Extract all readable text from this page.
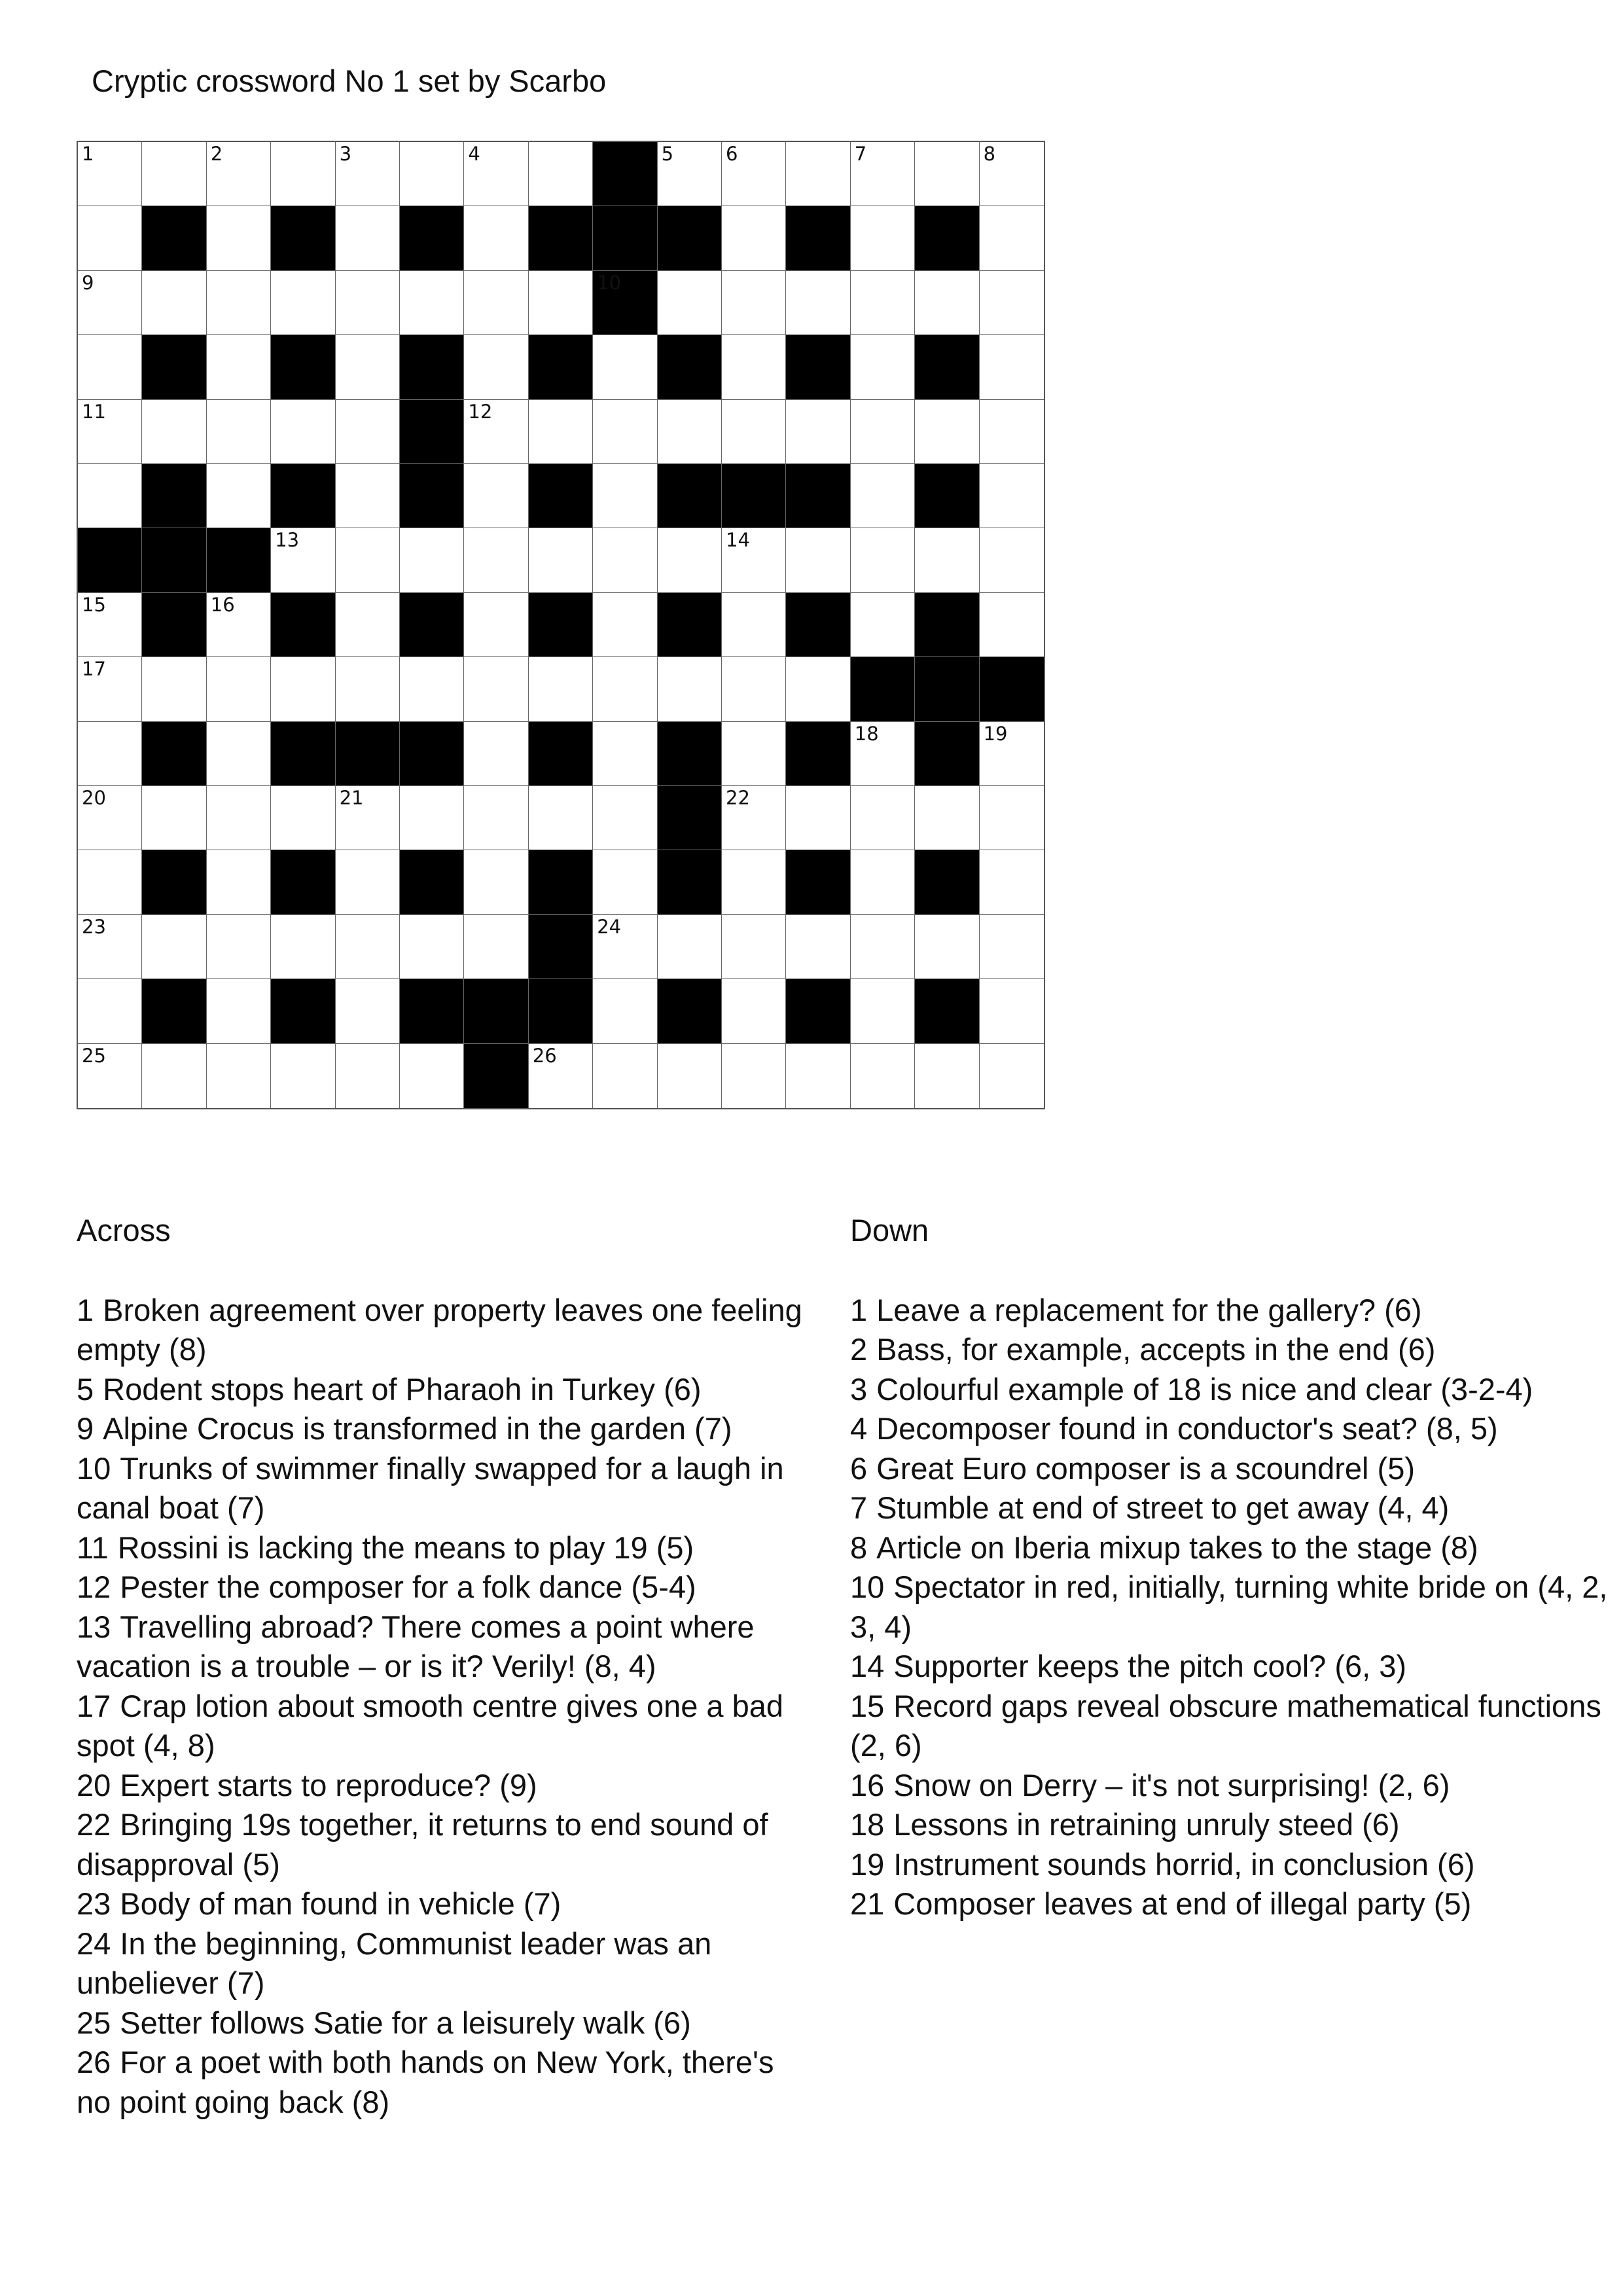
Cryptic crossword No 1 set by Scarbo
1	2	3	4	5	6	7	8
9	10
11	12
13	14
15	16
17
18	19
20	21	22
23	24
25	26
Across

1 Broken agreement over property leaves one feeling empty (8)

5 Rodent stops heart of Pharaoh in Turkey (6)

9 Alpine Crocus is transformed in the garden (7)

10 Trunks of swimmer finally swapped for a laugh in canal boat (7)

11 Rossini is lacking the means to play 19 (5)

12 Pester the composer for a folk dance (5-4)

13 Travelling abroad? There comes a point where vacation is a trouble – or is it? Verily! (8, 4)

17 Crap lotion about smooth centre gives one a bad spot (4, 8)

20 Expert starts to reproduce? (9)

22 Bringing 19s together, it returns to end sound of disapproval (5)

23 Body of man found in vehicle (7)

24 In the beginning, Communist leader was an unbeliever (7)

25 Setter follows Satie for a leisurely walk (6)

26 For a poet with both hands on New York, there's no point going back (8)

Down

1 Leave a replacement for the gallery? (6)

2 Bass, for example, accepts in the end (6)

3 Colourful example of 18 is nice and clear (3-2-4)

4 Decomposer found in conductor's seat? (8, 5)

6 Great Euro composer is a scoundrel (5)

7 Stumble at end of street to get away (4, 4)

8 Article on Iberia mixup takes to the stage (8)

10 Spectator in red, initially, turning white bride on (4, 2, 3, 4)

14 Supporter keeps the pitch cool? (6, 3)

15 Record gaps reveal obscure mathematical functions (2, 6)

16 Snow on Derry – it's not surprising! (2, 6)

18 Lessons in retraining unruly steed (6)

19 Instrument sounds horrid, in conclusion (6)

21 Composer leaves at end of illegal party (5)
